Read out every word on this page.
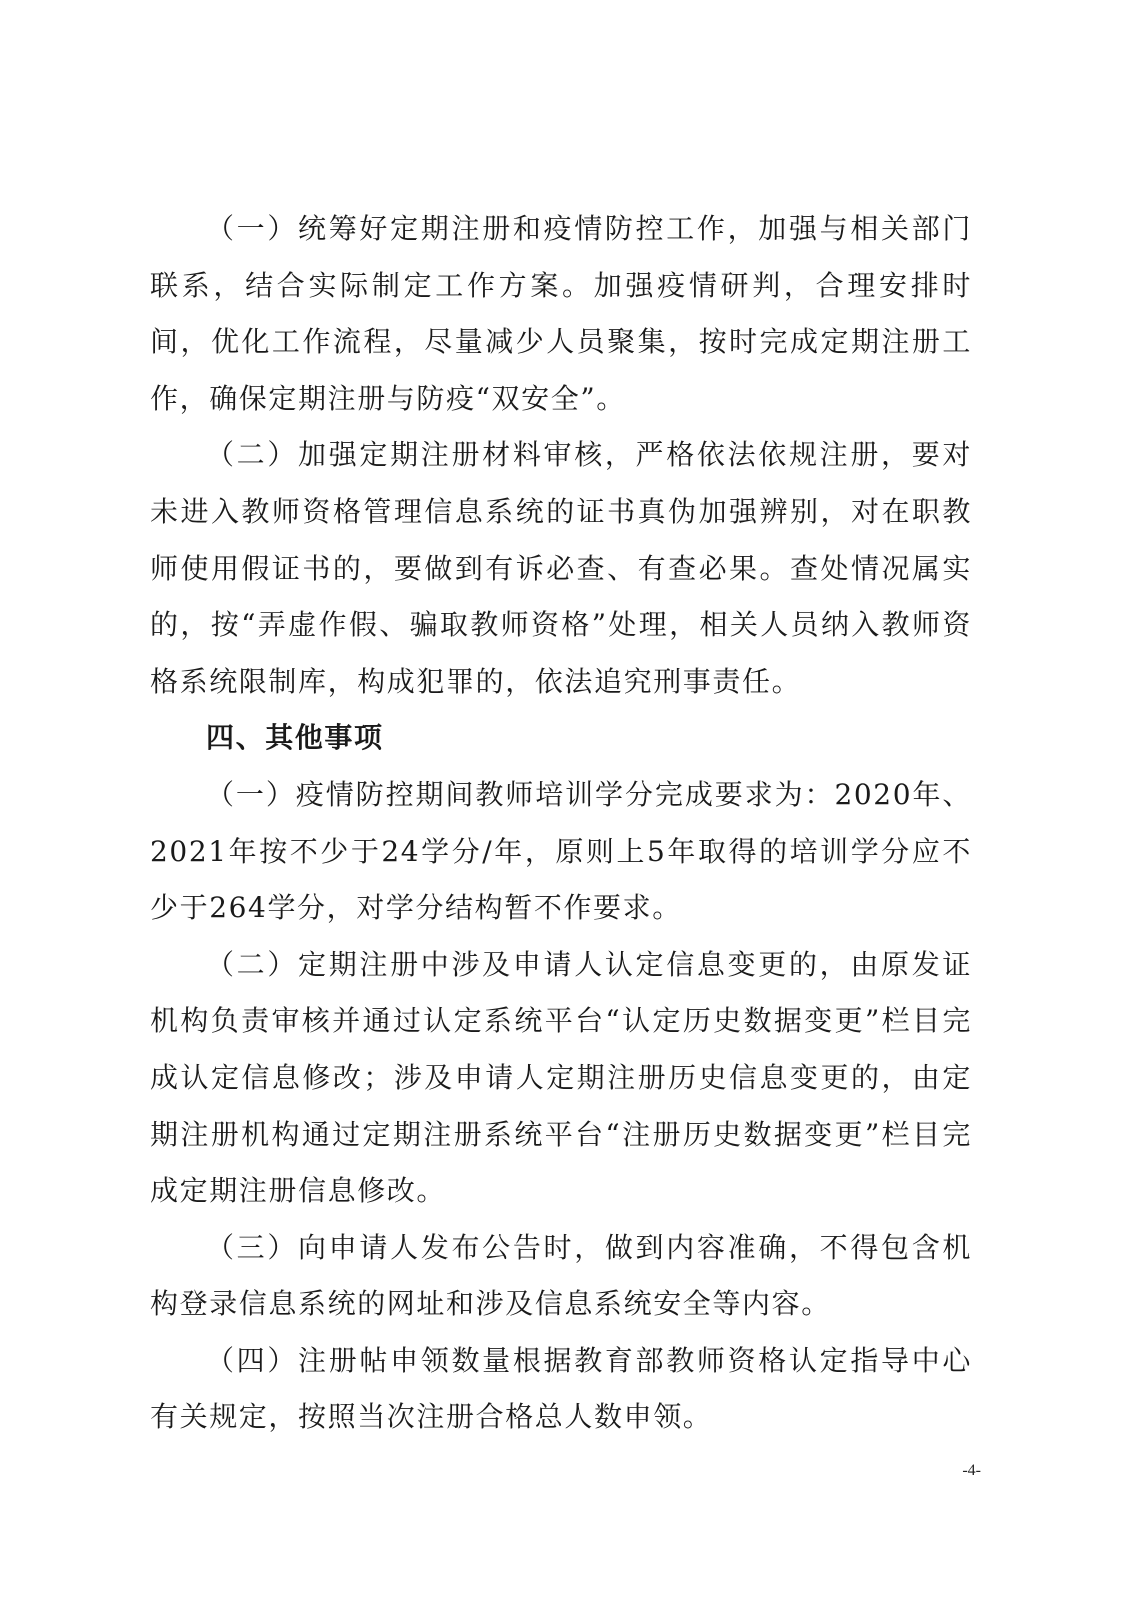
（一）统筹好定期注册和疫情防控工作，加强与相关部门联系，结合实际制定工作方案。加强疫情研判，合理安排时间，优化工作流程，尽量减少人员聚集，按时完成定期注册工作，确保定期注册与防疫“双安全”。

（二）加强定期注册材料审核，严格依法依规注册，要对未进入教师资格管理信息系统的证书真伪加强辨别，对在职教师使用假证书的，要做到有诉必查、有查必果。查处情况属实的，按“弄虚作假、骗取教师资格”处理，相关人员纳入教师资格系统限制库，构成犯罪的，依法追究刑事责任。

四、其他事项

（一）疫情防控期间教师培训学分完成要求为：2020年、2021年按不少于24学分/年，原则上5年取得的培训学分应不少于264学分，对学分结构暂不作要求。

（二）定期注册中涉及申请人认定信息变更的，由原发证机构负责审核并通过认定系统平台“认定历史数据变更”栏目完成认定信息修改；涉及申请人定期注册历史信息变更的，由定期注册机构通过定期注册系统平台“注册历史数据变更”栏目完成定期注册信息修改。

（三）向申请人发布公告时，做到内容准确，不得包含机构登录信息系统的网址和涉及信息系统安全等内容。

（四）注册帖申领数量根据教育部教师资格认定指导中心有关规定，按照当次注册合格总人数申领。

-4-
